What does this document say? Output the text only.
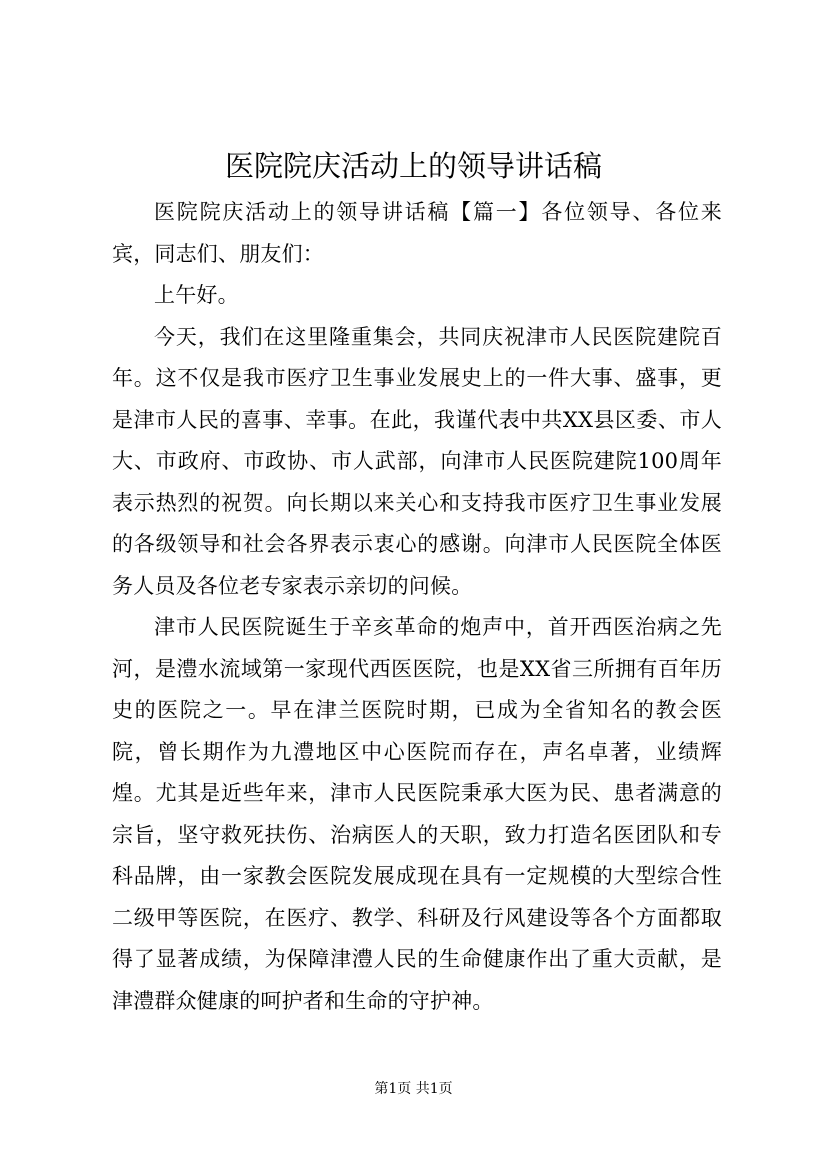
医院院庆活动上的领导讲话稿

医院院庆活动上的领导讲话稿【篇一】各位领导、各位来宾，同志们、朋友们：

上午好。

今天，我们在这里隆重集会，共同庆祝津市人民医院建院百年。这不仅是我市医疗卫生事业发展史上的一件大事、盛事，更是津市人民的喜事、幸事。在此，我谨代表中共XX县区委、市人大、市政府、市政协、市人武部，向津市人民医院建院100周年表示热烈的祝贺。向长期以来关心和支持我市医疗卫生事业发展的各级领导和社会各界表示衷心的感谢。向津市人民医院全体医务人员及各位老专家表示亲切的问候。

津市人民医院诞生于辛亥革命的炮声中，首开西医治病之先河，是澧水流域第一家现代西医医院，也是XX省三所拥有百年历史的医院之一。早在津兰医院时期，已成为全省知名的教会医院，曾长期作为九澧地区中心医院而存在，声名卓著，业绩辉煌。尤其是近些年来，津市人民医院秉承大医为民、患者满意的宗旨，坚守救死扶伤、治病医人的天职，致力打造名医团队和专科品牌，由一家教会医院发展成现在具有一定规模的大型综合性二级甲等医院，在医疗、教学、科研及行风建设等各个方面都取得了显著成绩，为保障津澧人民的生命健康作出了重大贡献，是津澧群众健康的呵护者和生命的守护神。

第1页 共1页
